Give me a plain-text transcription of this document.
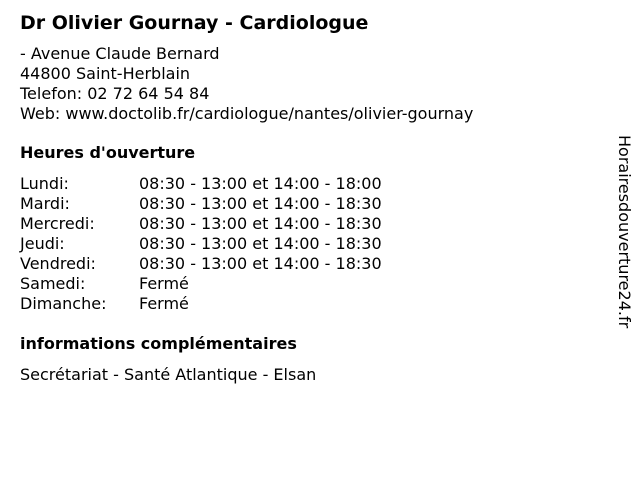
Dr Olivier Gournay - Cardiologue
- Avenue Claude Bernard
44800 Saint-Herblain
Telefon: 02 72 64 54 84
Web: www.doctolib.fr/cardiologue/nantes/olivier-gournay
Heures d'ouverture
Lundi:	08:30 - 13:00 et 14:00 - 18:00
Mardi:	08:30 - 13:00 et 14:00 - 18:30
Mercredi:	08:30 - 13:00 et 14:00 - 18:30
Jeudi:	08:30 - 13:00 et 14:00 - 18:30
Vendredi:	08:30 - 13:00 et 14:00 - 18:30
Samedi:	Fermé
Dimanche:	Fermé
informations complémentaires
Secrétariat - Santé Atlantique - Elsan
Horairesdouverture24.fr
